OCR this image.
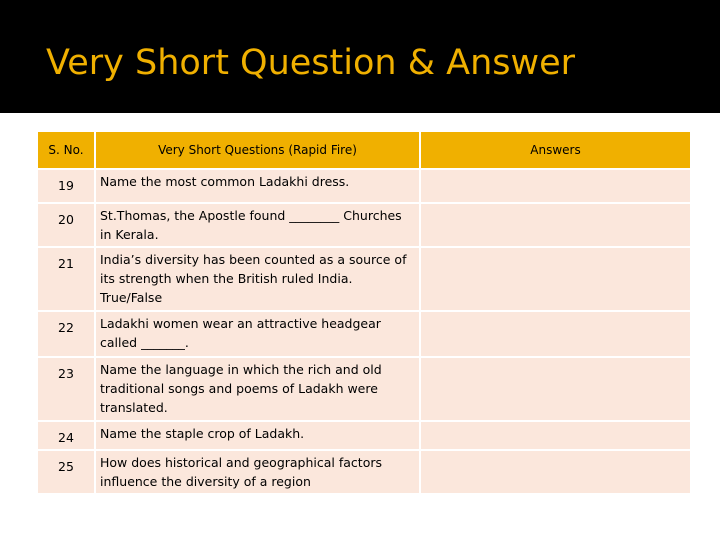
Very Short Question & Answer
S. No.	Very Short Questions (Rapid Fire)	Answers
19	Name the most common Ladakhi dress.	
20	St.Thomas, the Apostle found ________ Churches in Kerala.	
21	India’s diversity has been counted as a source of its strength when the British ruled India. True/False	
22	Ladakhi women wear an attractive headgear called _______.	
23	Name the language in which the rich and old traditional songs and poems of Ladakh were translated.	
24	Name the staple crop of Ladakh.	
25	How does historical and geographical factors influence the diversity of a region	
